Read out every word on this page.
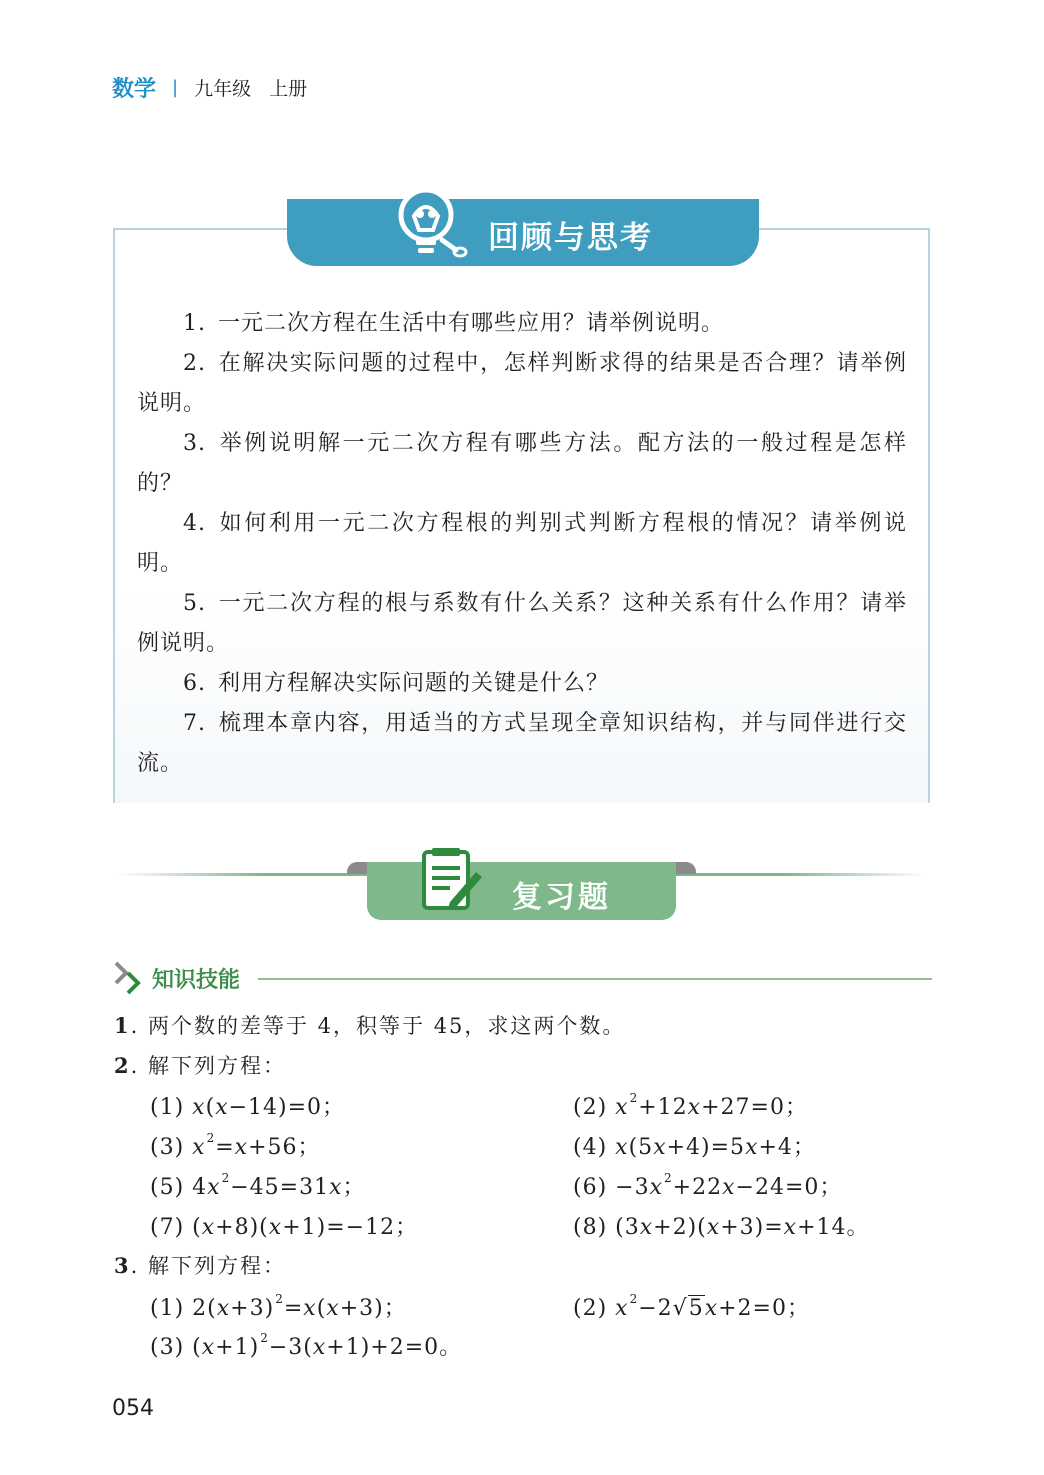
数学 | 九年级 上册
回顾与思考

1. 一元二次方程在生活中有哪些应用？请举例说明。

2. 在解决实际问题的过程中，怎样判断求得的结果是否合理？请举例说明。

3. 举例说明解一元二次方程有哪些方法。配方法的一般过程是怎样的？

4. 如何利用一元二次方程根的判别式判断方程根的情况？请举例说明。

5. 一元二次方程的根与系数有什么关系？这种关系有什么作用？请举例说明。

6. 利用方程解决实际问题的关键是什么？

7. 梳理本章内容，用适当的方式呈现全章知识结构，并与同伴进行交流。

复习题
知识技能
1. 两个数的差等于 4，积等于 45，求这两个数。
2. 解下列方程：
(1) x(x−14)=0；	(2) $x^2+12x+27=0$；
(3) $x^2=x+56$；	(4) x(5x+4)=5x+4；
(5) $4x^2-45=31x$；	$(6) -3x^2+22x-24=0$；
(7) (x+8)(x+1)=−12；	(8) (3x+2)(x+3)=x+14。
3. 解下列方程：
(1) $2(x+3)^2=x(x+3)$；	(2) $x^2-2√5x+2=0$；
(3) $(x+1)^2-3(x+1)+2=0$。
054
